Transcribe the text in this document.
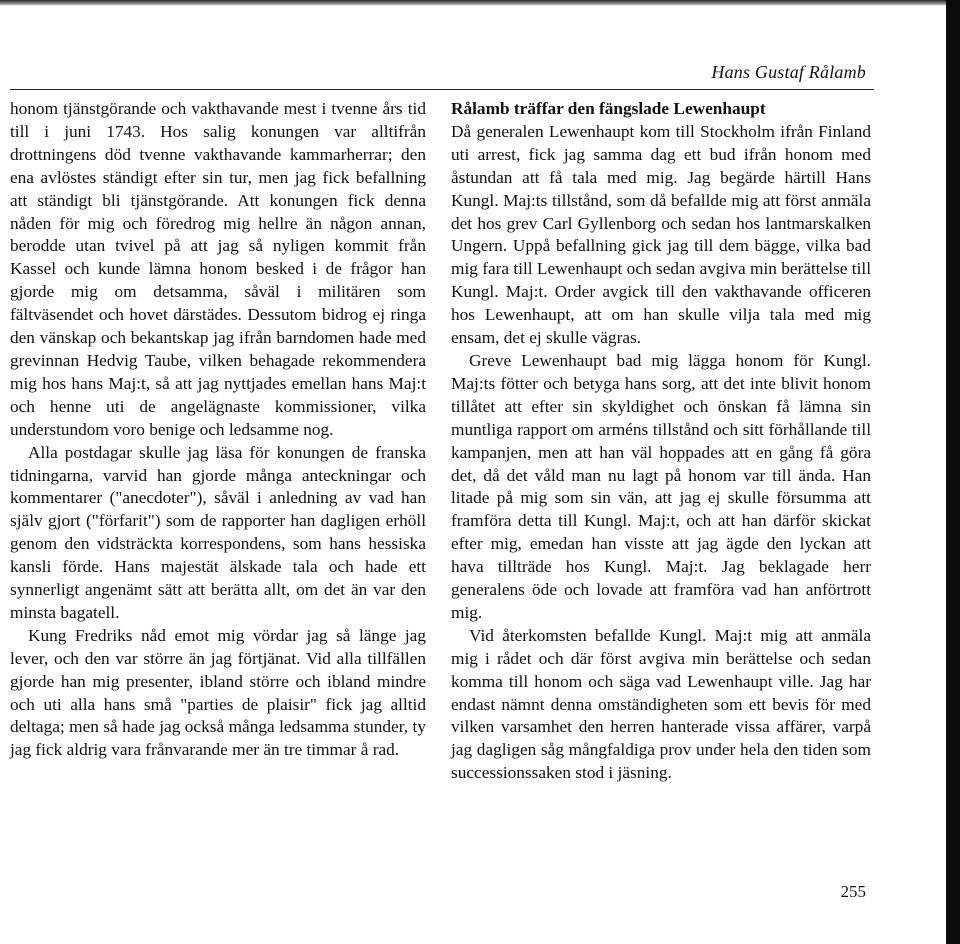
Hans Gustaf Rålamb

honom tjänstgörande och vakthavande mest i tvenne års tid till i juni 1743. Hos salig konungen var alltifrån drottningens död tvenne vakthavande kammarherrar; den ena avlöstes ständigt efter sin tur, men jag fick befallning att ständigt bli tjänstgörande. Att konungen fick denna nåden för mig och föredrog mig hellre än någon annan, berodde utan tvivel på att jag så nyligen kommit från Kassel och kunde lämna honom besked i de frågor han gjorde mig om detsamma, såväl i militären som fältväsendet och hovet därstädes. Dessutom bidrog ej ringa den vänskap och bekantskap jag ifrån barndomen hade med grevinnan Hedvig Taube, vilken behagade rekommendera mig hos hans Maj:t, så att jag nyttjades emellan hans Maj:t och henne uti de angelägnaste kommissioner, vilka understundom voro benige och ledsamme nog.

Alla postdagar skulle jag läsa för konungen de franska tidningarna, varvid han gjorde många anteckningar och kommentarer ("anecdoter"), såväl i anledning av vad han själv gjort ("förfarit") som de rapporter han dagligen erhöll genom den vidsträckta korrespondens, som hans hessiska kansli förde. Hans majestät älskade tala och hade ett synnerligt angenämt sätt att berätta allt, om det än var den minsta bagatell.

Kung Fredriks nåd emot mig vördar jag så länge jag lever, och den var större än jag förtjänat. Vid alla tillfällen gjorde han mig presenter, ibland större och ibland mindre och uti alla hans små "parties de plaisir" fick jag alltid deltaga; men så hade jag också många ledsamma stunder, ty jag fick aldrig vara frånvarande mer än tre timmar å rad.

Rålamb träffar den fängslade Lewenhaupt

Då generalen Lewenhaupt kom till Stockholm ifrån Finland uti arrest, fick jag samma dag ett bud ifrån honom med åstundan att få tala med mig. Jag begärde härtill Hans Kungl. Maj:ts tillstånd, som då befallde mig att först anmäla det hos grev Carl Gyllenborg och sedan hos lantmarskalken Ungern. Uppå befallning gick jag till dem bägge, vilka bad mig fara till Lewenhaupt och sedan avgiva min berättelse till Kungl. Maj:t. Order avgick till den vakthavande officeren hos Lewenhaupt, att om han skulle vilja tala med mig ensam, det ej skulle vägras.

Greve Lewenhaupt bad mig lägga honom för Kungl. Maj:ts fötter och betyga hans sorg, att det inte blivit honom tillåtet att efter sin skyldighet och önskan få lämna sin muntliga rapport om arméns tillstånd och sitt förhållande till kampanjen, men att han väl hoppades att en gång få göra det, då det våld man nu lagt på honom var till ända. Han litade på mig som sin vän, att jag ej skulle försumma att framföra detta till Kungl. Maj:t, och att han därför skickat efter mig, emedan han visste att jag ägde den lyckan att hava tillträde hos Kungl. Maj:t. Jag beklagade herr generalens öde och lovade att framföra vad han anförtrott mig.

Vid återkomsten befallde Kungl. Maj:t mig att anmäla mig i rådet och där först avgiva min berättelse och sedan komma till honom och säga vad Lewenhaupt ville. Jag har endast nämnt denna omständigheten som ett bevis för med vilken varsamhet den herren hanterade vissa affärer, varpå jag dagligen såg mångfaldiga prov under hela den tiden som successionssaken stod i jäsning.

255
